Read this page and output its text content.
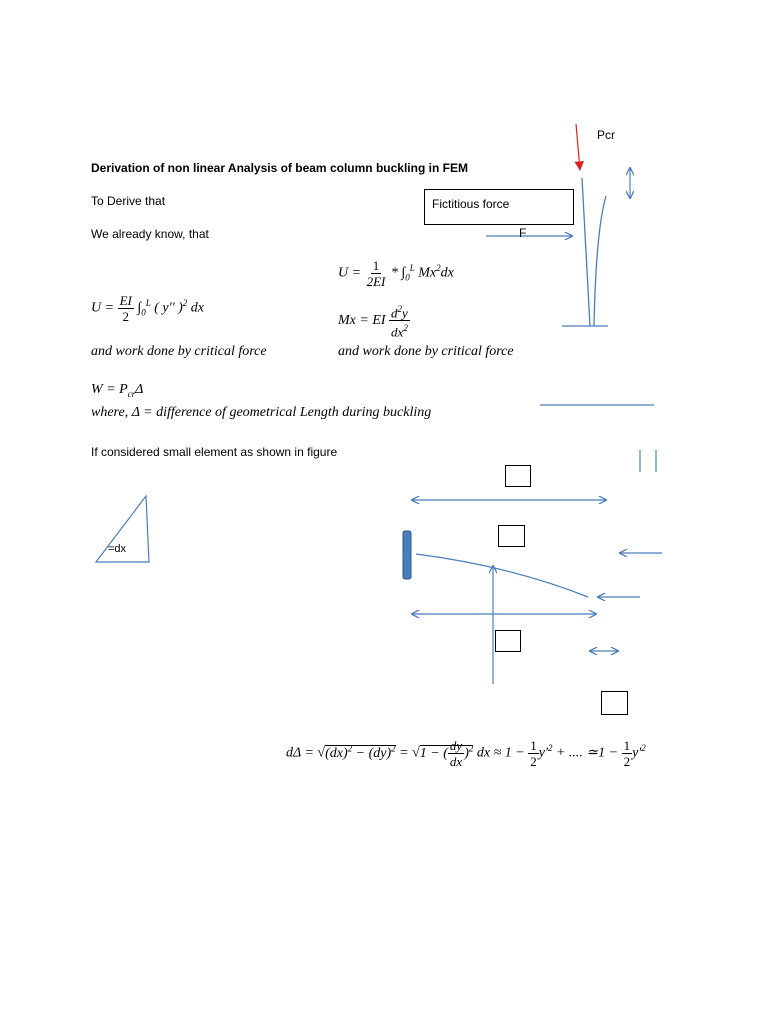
Pcr
Fictitious force
F
=dx
Derivation of non linear Analysis of beam column buckling in FEM
To Derive that
We already know, that
If considered small element as shown in figure
$U = \frac{1}{2EI} * \int_0^L$ Mx$^2$dx
$U = \frac{EI}{2} \int_0^L$ ( y'' )$^2$ dx
Mx = EI $\frac{d^2y}{dx^2}$
and work done by critical force	and work done by critical force
$W = P_{cr}\Delta$
where, Δ = difference of geometrical Length during buckling
dΔ = √(dx)$^2$ − (dy)$^2$ = √1 − ( $\frac{dy}{dx} )^2$ dx ≈ $1 - \frac{1}{2} y'^2$ + .... ≃1 − $\frac{1}{2} y'^2$
